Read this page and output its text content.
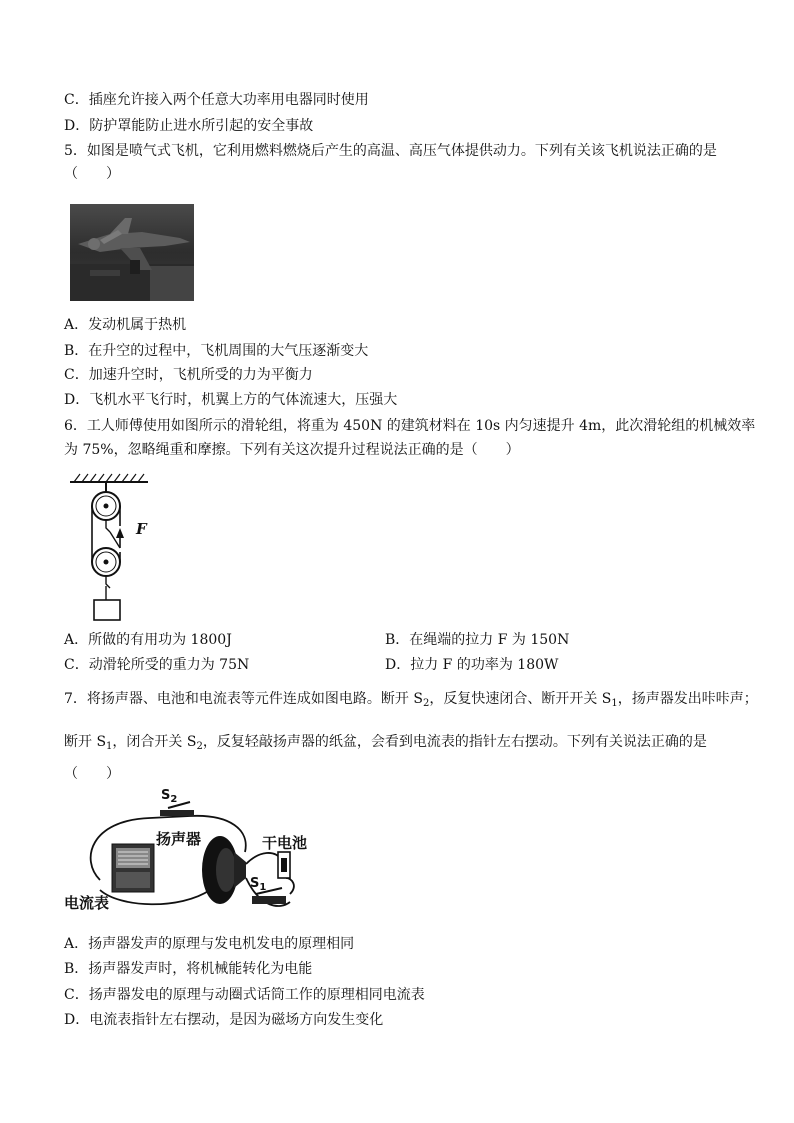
C．插座允许接入两个任意大功率用电器同时使用
D．防护罩能防止进水所引起的安全事故
5．如图是喷气式飞机，它利用燃料燃烧后产生的高温、高压气体提供动力。下列有关该飞机说法正确的是
（　　）
A．发动机属于热机
B．在升空的过程中，飞机周围的大气压逐渐变大
C．加速升空时，飞机所受的力为平衡力
D．飞机水平飞行时，机翼上方的气体流速大，压强大
6．工人师傅使用如图所示的滑轮组，将重为 450N 的建筑材料在 10s 内匀速提升 4m，此次滑轮组的机械效率
为 75%，忽略绳重和摩擦。下列有关这次提升过程说法正确的是（　　）
F
A．所做的有用功为 1800J	B．在绳端的拉力 F 为 150N
C．动滑轮所受的重力为 75N	D．拉力 F 的功率为 180W
7．将扬声器、电池和电流表等元件连成如图电路。断开 $S_2$，反复快速闭合、断开开关 $S_1$，扬声器发出咔咔声；
断开 $S_1$，闭合开关 $S_2$，反复轻敲扬声器的纸盆，会看到电流表的指针左右摆动。下列有关说法正确的是
（　　）
$S_2$
扬声器	干电池
$S_1$
电流表
A．扬声器发声的原理与发电机发电的原理相同
B．扬声器发声时，将机械能转化为电能
C．扬声器发电的原理与动圈式话筒工作的原理相同电流表
D．电流表指针左右摆动，是因为磁场方向发生变化
